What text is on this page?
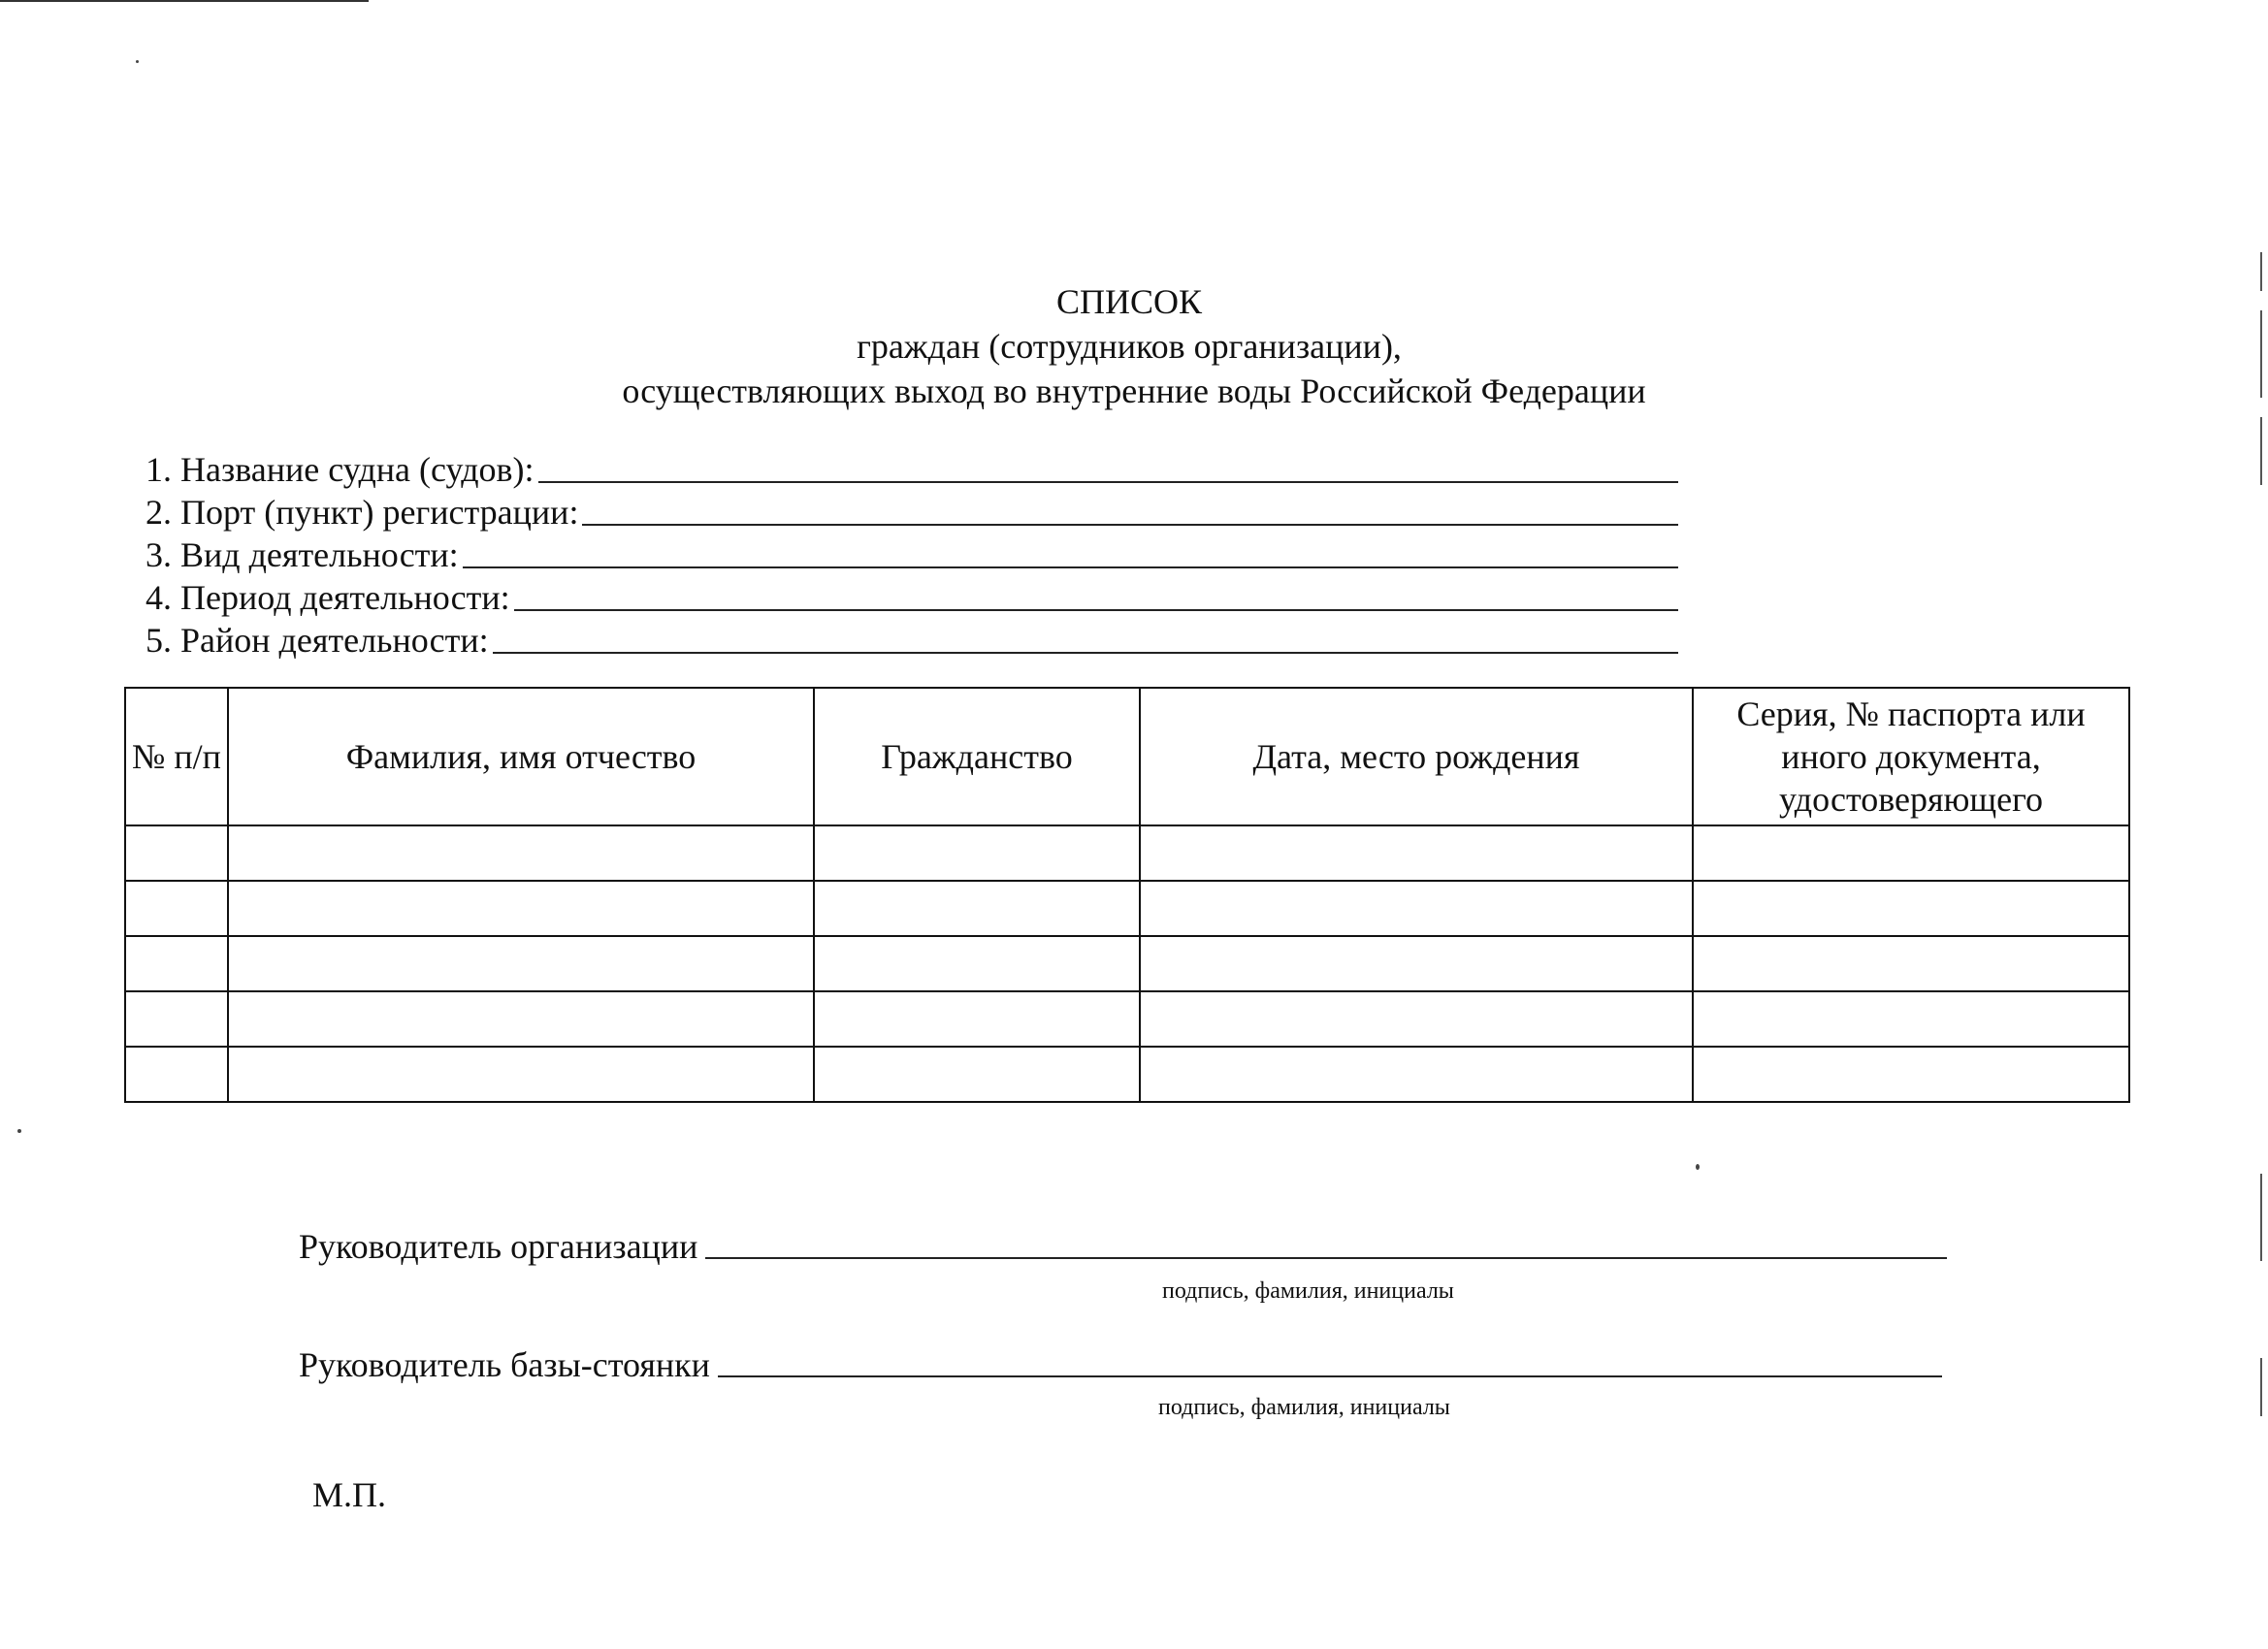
СПИСОК
граждан (сотрудников организации),
осуществляющих выход во внутренние воды Российской Федерации
1. Название судна (судов):
2. Порт (пункт) регистрации:
3. Вид деятельности:
4. Период деятельности:
5. Район деятельности:
№ п/п	Фамилия, имя отчество	Гражданство	Дата, место рождения	Серия, № паспорта или иного документа, удостоверяющего

Руководитель организации
подпись, фамилия, инициалы
Руководитель базы-стоянки
подпись, фамилия, инициалы
М.П.
